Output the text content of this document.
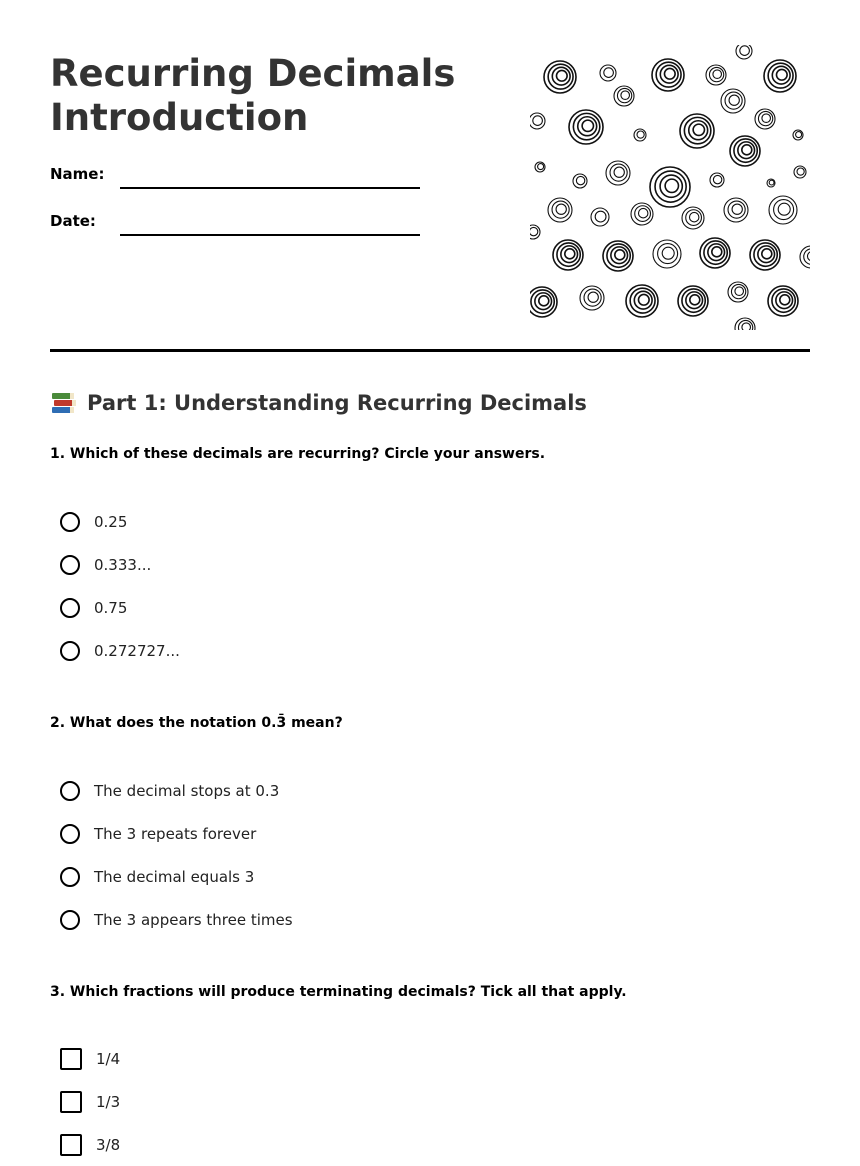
Recurring Decimals
Introduction
Name:
Date:
Part 1: Understanding Recurring Decimals

1. Which of these decimals are recurring? Circle your answers.

0.25
0.333...
0.75
0.272727...

2. What does the notation 0.3̄ mean?

The decimal stops at 0.3
The 3 repeats forever
The decimal equals 3
The 3 appears three times

3. Which fractions will produce terminating decimals? Tick all that apply.

1/4
1/3
3/8
